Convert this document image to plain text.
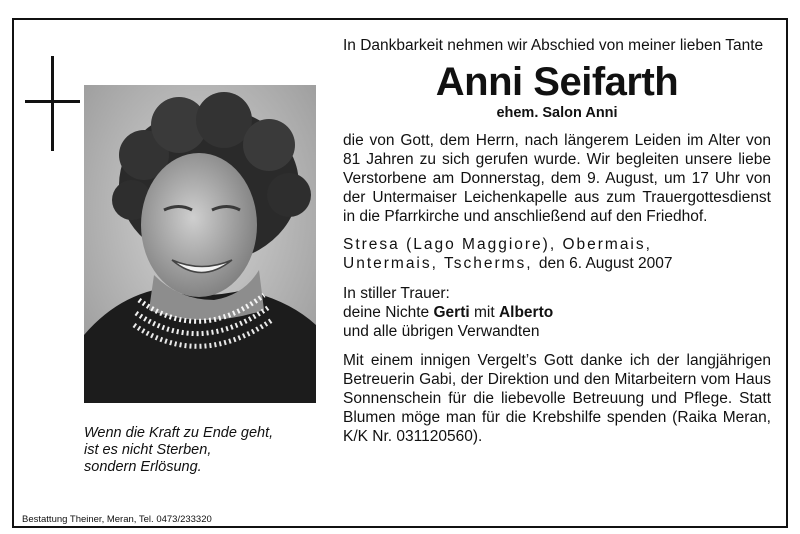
Wenn die Kraft zu Ende geht,
ist es nicht Sterben,
sondern Erlösung.
Bestattung Theiner, Meran, Tel. 0473/233320

In Dankbarkeit nehmen wir Abschied von meiner lieben Tante

Anni Seifarth
ehem. Salon Anni

die von Gott, dem Herrn, nach längerem Leiden im Alter von 81 Jahren zu sich gerufen wurde. Wir begleiten unsere liebe Verstorbene am Donnerstag, dem 9. August, um 17 Uhr von der Untermaiser Leichenkapelle aus zum Trauergottesdienst in die Pfarrkirche und anschließend auf den Friedhof.

Stresa (Lago Maggiore), Obermais,
Untermais, Tscherms, den 6. August 2007

In stiller Trauer:
deine Nichte Gerti mit Alberto
und alle übrigen Verwandten

Mit einem innigen Vergelt’s Gott danke ich der langjährigen Betreuerin Gabi, der Direktion und den Mitarbeitern vom Haus Sonnenschein für die liebevolle Betreuung und Pflege. Statt Blumen möge man für die Krebshilfe spenden (Raika Meran, K/K Nr. 031120560).
